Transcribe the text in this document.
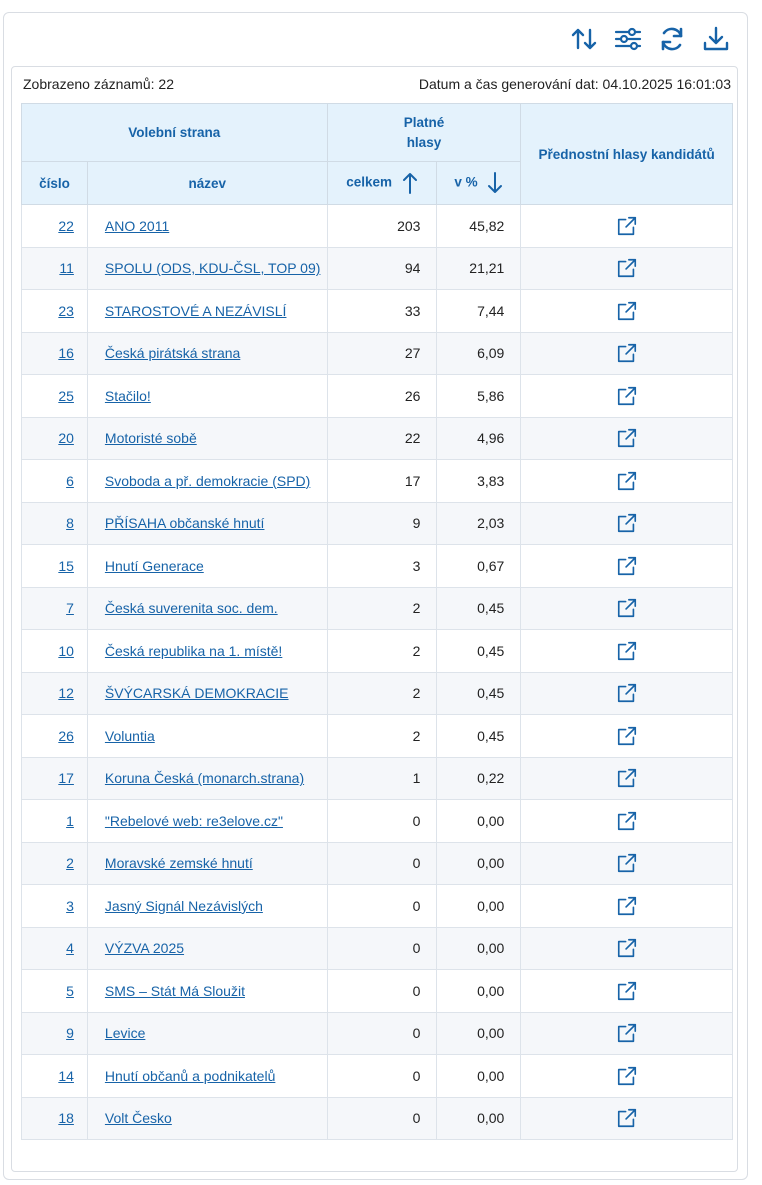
Zobrazeno záznamů: 22	Datum a čas generování dat: 04.10.2025 16:01:03
Volební strana		Platné hlasy		Přednostní hlasy kandidátů
číslo	název	celkem	v %	
22	ANO 2011	203	45,82	
11	SPOLU (ODS, KDU-ČSL, TOP 09)	94	21,21	
23	STAROSTOVÉ A NEZÁVISLÍ	33	7,44	
16	Česká pirátská strana	27	6,09	
25	Stačilo!	26	5,86	
20	Motoristé sobě	22	4,96	
6	Svoboda a př. demokracie (SPD)	17	3,83	
8	PŘÍSAHA občanské hnutí	9	2,03	
15	Hnutí Generace	3	0,67	
7	Česká suverenita soc. dem.	2	0,45	
10	Česká republika na 1. místě!	2	0,45	
12	ŠVÝCARSKÁ DEMOKRACIE	2	0,45	
26	Voluntia	2	0,45	
17	Koruna Česká (monarch.strana)	1	0,22	
1	"Rebelové web: re3elove.cz"	0	0,00	
2	Moravské zemské hnutí	0	0,00	
3	Jasný Signál Nezávislých	0	0,00	
4	VÝZVA 2025	0	0,00	
5	SMS – Stát Má Sloužit	0	0,00	
9	Levice	0	0,00	
14	Hnutí občanů a podnikatelů	0	0,00	
18	Volt Česko	0	0,00	
